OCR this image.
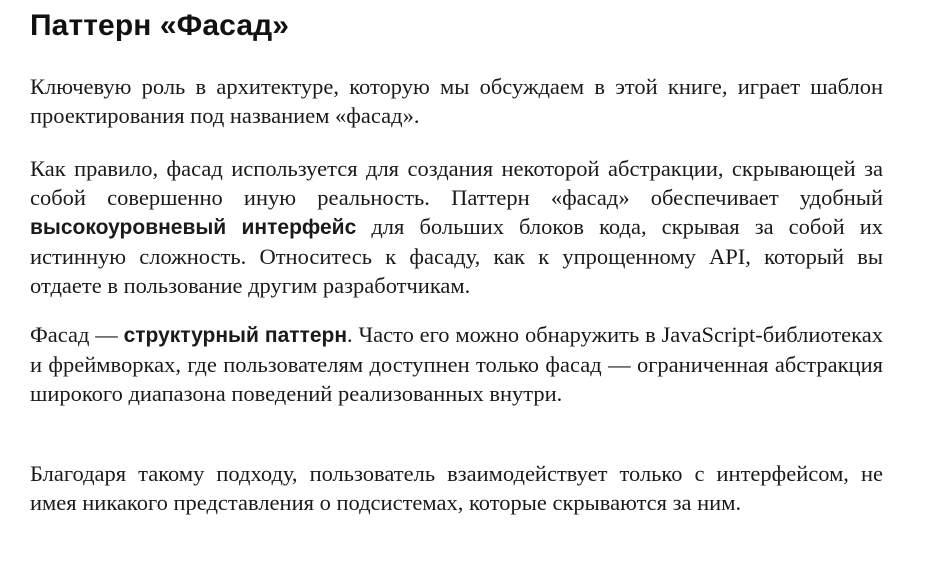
Паттерн «Фасад»

Ключевую роль в архитектуре, которую мы обсуждаем в этой книге, играет шаблон проектирования под названием «фасад».

Как правило, фасад используется для создания некоторой абстракции, скрывающей за собой совершенно иную реальность. Паттерн «фасад» обеспечивает удобный высокоуровневый интерфейс для больших блоков кода, скрывая за собой их истинную сложность. Относитесь к фасаду, как к упрощенному API, который вы отдаете в пользование другим разработчикам.

Фасад — структурный паттерн. Часто его можно обнаружить в JavaScript-библиотеках и фреймворках, где пользователям доступнен только фасад — ограниченная абстракция широкого диапазона поведений реализованных внутри.

Благодаря такому подходу, пользователь взаимодействует только с интерфейсом, не имея никакого представления о подсистемах, которые скрываются за ним.
